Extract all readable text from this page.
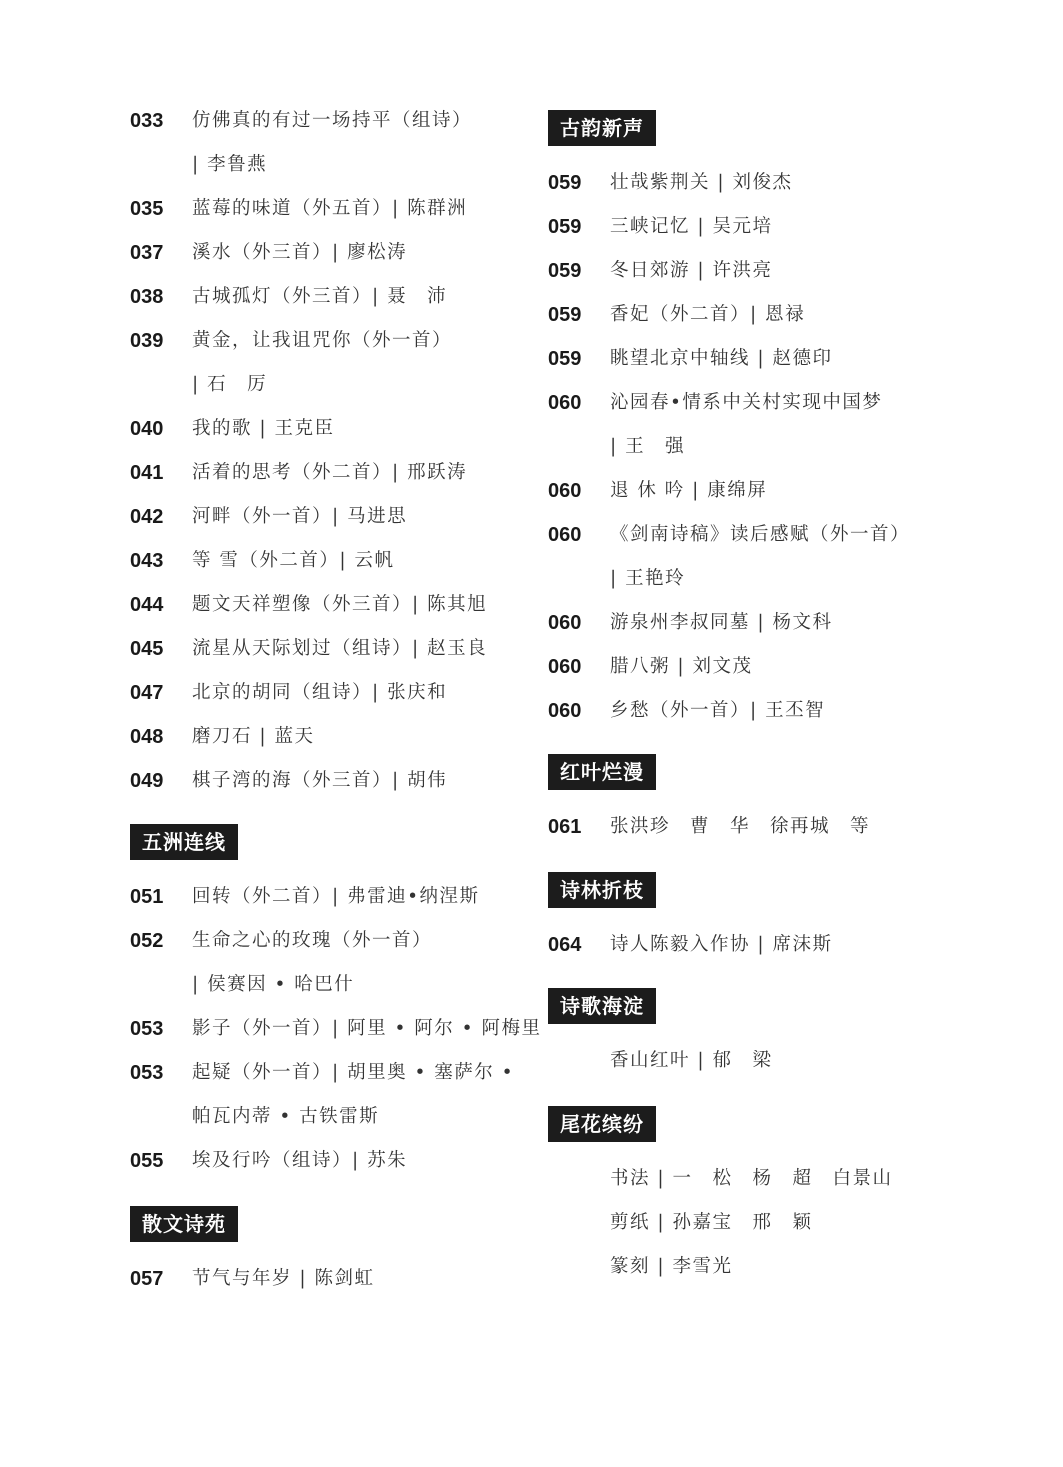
033 仿佛真的有过一场持平（组诗）
| 李鲁燕
035 蓝莓的味道（外五首）| 陈群洲
037 溪水（外三首）| 廖松涛
038 古城孤灯（外三首）| 聂　沛
039 黄金，让我诅咒你（外一首）
| 石　厉
040 我的歌 | 王克臣
041 活着的思考（外二首）| 邢跃涛
042 河畔（外一首）| 马进思
043 等 雪（外二首）| 云帆
044 题文天祥塑像（外三首）| 陈其旭
045 流星从天际划过（组诗）| 赵玉良
047 北京的胡同（组诗）| 张庆和
048 磨刀石 | 蓝天
049 棋子湾的海（外三首）| 胡伟
五洲连线
051 回转（外二首）| 弗雷迪•纳涅斯
052 生命之心的玫瑰（外一首）
| 侯赛因 • 哈巴什
053 影子（外一首）| 阿里 • 阿尔 • 阿梅里
053 起疑（外一首）| 胡里奥 • 塞萨尔 •
帕瓦内蒂 • 古铁雷斯
055 埃及行吟（组诗）| 苏朱
散文诗苑
057 节气与年岁 | 陈剑虹
古韵新声
059 壮哉紫荆关 | 刘俊杰
059 三峡记忆 | 吴元培
059 冬日郊游 | 许洪亮
059 香妃（外二首）| 恩禄
059 眺望北京中轴线 | 赵德印
060 沁园春•情系中关村实现中国梦
| 王　强
060 退 休 吟 | 康绵屏
060 《剑南诗稿》读后感赋（外一首）
| 王艳玲
060 游泉州李叔同墓 | 杨文科
060 腊八粥 | 刘文茂
060 乡愁（外一首）| 王丕智
红叶烂漫
061 张洪珍　曹　华　徐再城　等
诗林折枝
064 诗人陈毅入作协 | 席沫斯
诗歌海淀
香山红叶 | 郁　梁
尾花缤纷
书法 | 一　松　杨　超　白景山
剪纸 | 孙嘉宝　邢　颖
篆刻 | 李雪光
